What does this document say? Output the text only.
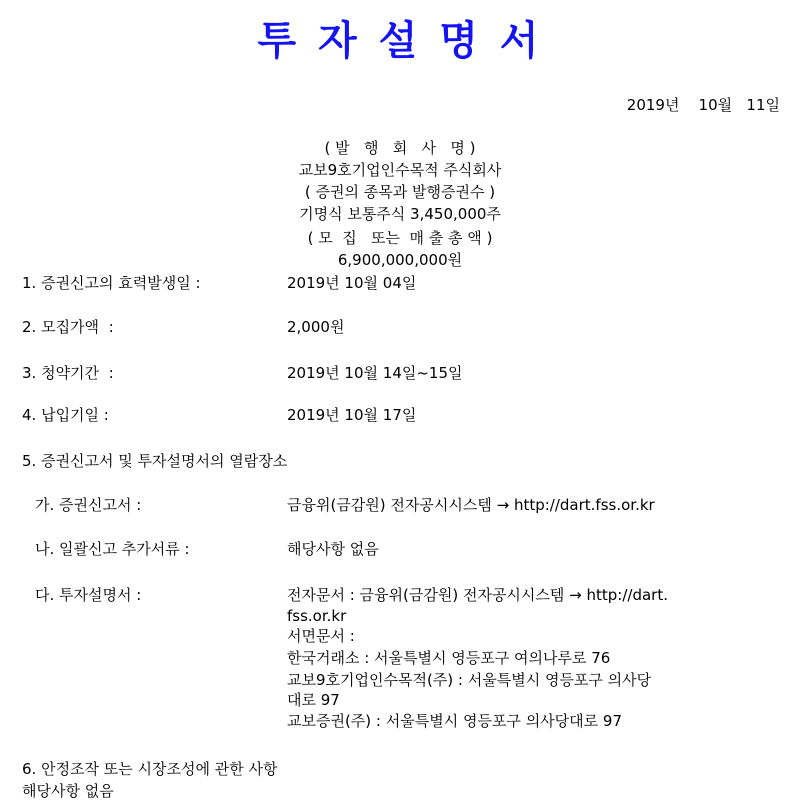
투 자 설 명 서
2019년    10월   11일
( 발   행   회   사   명 )
교보9호기업인수목적 주식회사
( 증권의 종목과 발행증권수 )
기명식 보통주식 3,450,000주
( 모  집   또는  매 출 총 액 )
6,900,000,000원
1. 증권신고의 효력발생일 :	2019년 10월 04일
2. 모집가액  :	2,000원
3. 청약기간  :	2019년 10월 14일~15일
4. 납입기일 :	2019년 10월 17일
5. 증권신고서 및 투자설명서의 열람장소
가. 증권신고서 :	금융위(금감원) 전자공시시스템 → http://dart.fss.or.kr
나. 일괄신고 추가서류 :	해당사항 없음
다. 투자설명서 :	전자문서 : 금융위(금감원) 전자공시시스템 → http://dart.
fss.or.kr
서면문서 :
한국거래소 : 서울특별시 영등포구 여의나루로 76
교보9호기업인수목적(주) : 서울특별시 영등포구 의사당
대로 97
교보증권(주) : 서울특별시 영등포구 의사당대로 97
6. 안정조작 또는 시장조성에 관한 사항
해당사항 없음
